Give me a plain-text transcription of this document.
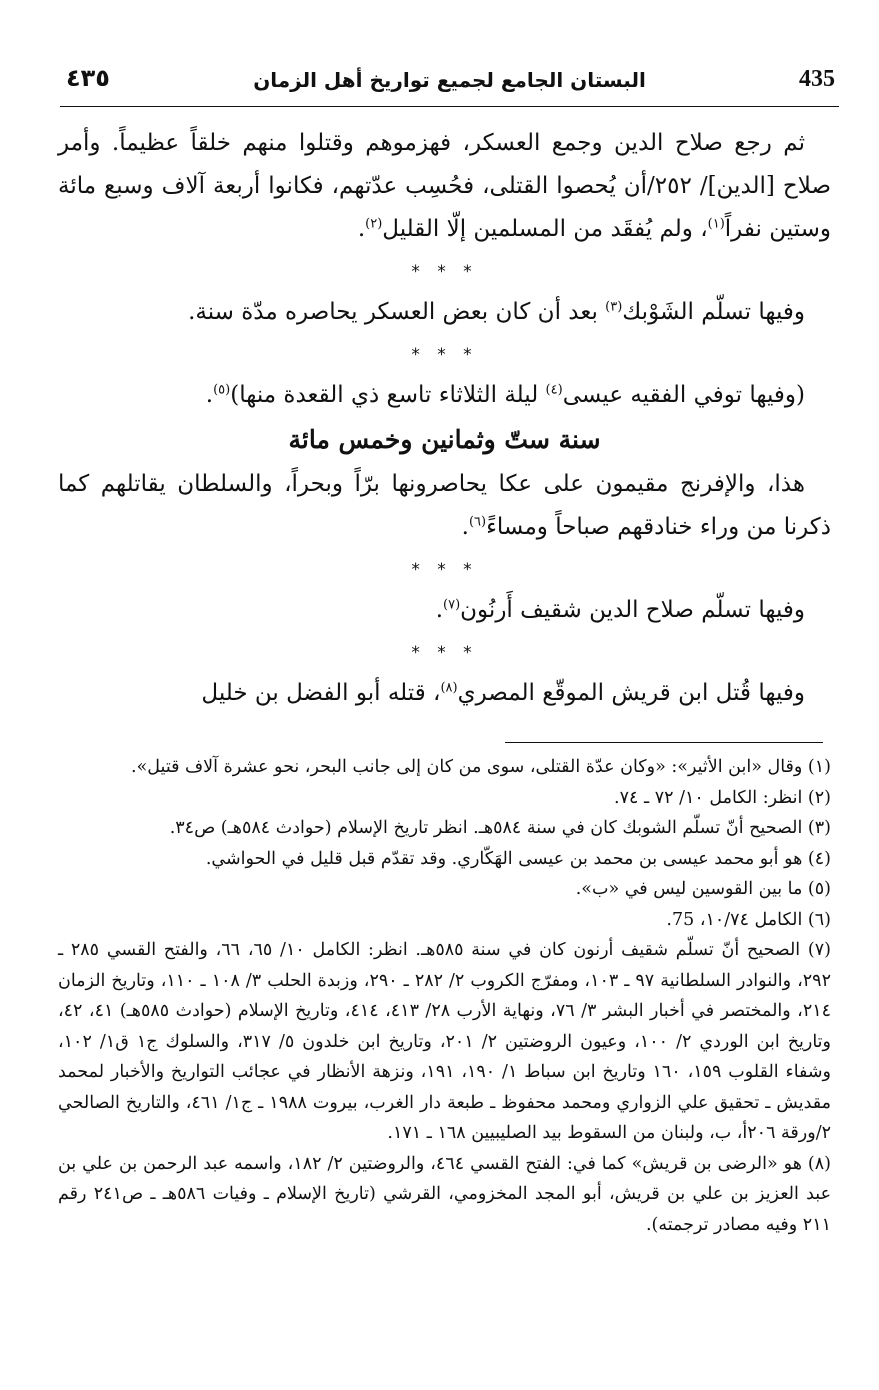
٤٣٥	البستان الجامع لجميع تواريخ أهل الزمان	435

ثم رجع صلاح الدين وجمع العسكر، فهزموهم وقتلوا منهم خلقاً عظيماً. وأمر صلاح [الدين]/ ٢٥٢/أن يُحصوا القتلى، فحُسِب عدّتهم، فكانوا أربعة آلاف وسبع مائة وستين نفراً$^{(١)}$، ولم يُفقَد من المسلمين إلّا القليل$^{(٢)}$.

* * *

وفيها تسلّم الشَوْبك$^{(٣)}$ بعد أن كان بعض العسكر يحاصره مدّة سنة.

* * *

(وفيها توفي الفقيه عيسى$^{(٤)}$ ليلة الثلاثاء تاسع ذي القعدة منها)$^{(٥)}$.

سنة ستّ وثمانين وخمس مائة

هذا، والإفرنج مقيمون على عكا يحاصرونها برّاً وبحراً، والسلطان يقاتلهم كما ذكرنا من وراء خنادقهم صباحاً ومساءً$^{(٦)}$.

* * *

وفيها تسلّم صلاح الدين شقيف أَرنُون$^{(٧)}$.

* * *

وفيها قُتل ابن قريش الموقّع المصري$^{(٨)}$، قتله أبو الفضل بن خليل

(١) وقال «ابن الأثير»: «وكان عدّة القتلى، سوى من كان إلى جانب البحر، نحو عشرة آلاف قتيل».

(٢) انظر: الكامل ١٠/ ٧٢ ـ ٧٤.

(٣) الصحيح أنّ تسلّم الشوبك كان في سنة ٥٨٤هـ. انظر تاريخ الإسلام (حوادث ٥٨٤هـ) ص٣٤.

(٤) هو أبو محمد عيسى بن محمد بن عيسى الهَكّاري. وقد تقدّم قبل قليل في الحواشي.

(٥) ما بين القوسين ليس في «ب».

(٦) الكامل ١٠/٧٤، 75.

(٧) الصحيح أنّ تسلّم شقيف أرنون كان في سنة ٥٨٥هـ. انظر: الكامل ١٠/ ٦٥، ٦٦، والفتح القسي ٢٨٥ ـ ٢٩٢، والنوادر السلطانية ٩٧ ـ ١٠٣، ومفرّج الكروب ٢/ ٢٨٢ ـ ٢٩٠، وزبدة الحلب ٣/ ١٠٨ ـ ١١٠، وتاريخ الزمان ٢١٤، والمختصر في أخبار البشر ٣/ ٧٦، ونهاية الأرب ٢٨/ ٤١٣، ٤١٤، وتاريخ الإسلام (حوادث ٥٨٥هـ) ٤١، ٤٢، وتاريخ ابن الوردي ٢/ ١٠٠، وعيون الروضتين ٢/ ٢٠١، وتاريخ ابن خلدون ٥/ ٣١٧، والسلوك ج١ ق١/ ١٠٢، وشفاء القلوب ١٥٩، ١٦٠ وتاريخ ابن سباط ١/ ١٩٠، ١٩١، ونزهة الأنظار في عجائب التواريخ والأخبار لمحمد مقديش ـ تحقيق علي الزواري ومحمد محفوظ ـ طبعة دار الغرب، بيروت ١٩٨٨ ـ ج١/ ٤٦١، والتاريخ الصالحي ٢/ورقة ٢٠٦أ، ب، ولبنان من السقوط بيد الصليبيين ١٦٨ ـ ١٧١.

(٨) هو «الرضى بن قريش» كما في: الفتح القسي ٤٦٤، والروضتين ٢/ ١٨٢، واسمه عبد الرحمن بن علي بن عبد العزيز بن علي بن قريش، أبو المجد المخزومي، القرشي (تاريخ الإسلام ـ وفيات ٥٨٦هـ ـ ص٢٤١ رقم ٢١١ وفيه مصادر ترجمته).
